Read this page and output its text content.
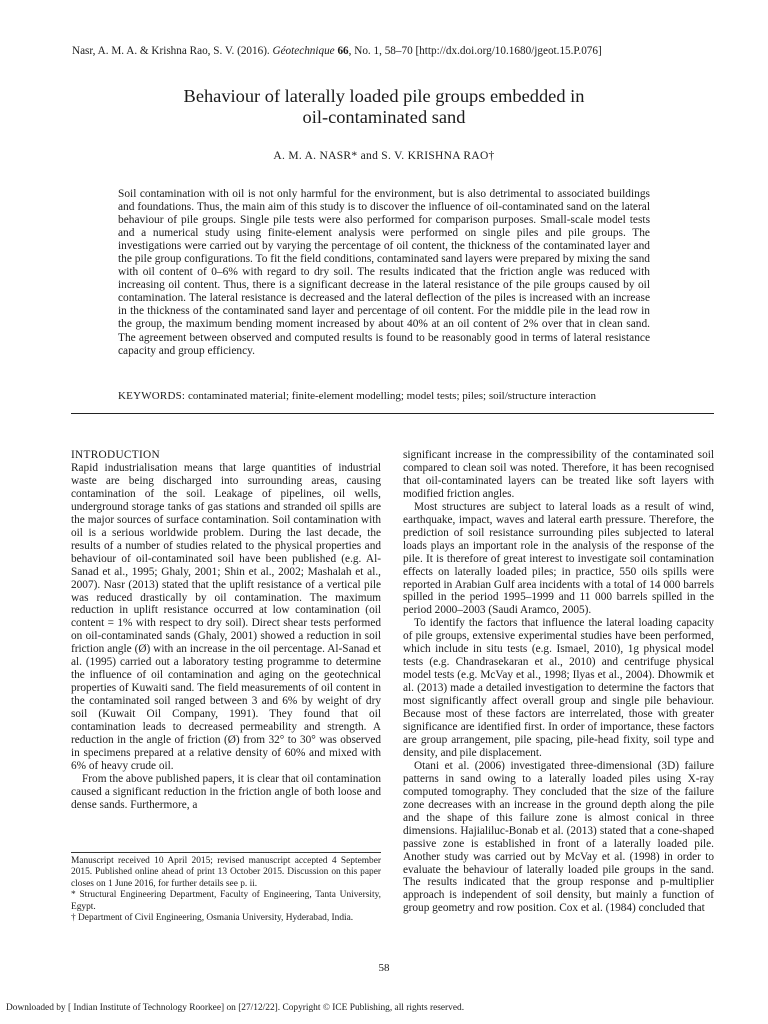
Nasr, A. M. A. & Krishna Rao, S. V. (2016). Géotechnique 66, No. 1, 58–70 [http://dx.doi.org/10.1680/jgeot.15.P.076]
Behaviour of laterally loaded pile groups embedded in
oil-contaminated sand
A. M. A. NASR* and S. V. KRISHNA RAO†
Soil contamination with oil is not only harmful for the environment, but is also detrimental to associated buildings and foundations. Thus, the main aim of this study is to discover the influence of oil-contaminated sand on the lateral behaviour of pile groups. Single pile tests were also performed for comparison purposes. Small-scale model tests and a numerical study using finite-element analysis were performed on single piles and pile groups. The investigations were carried out by varying the percentage of oil content, the thickness of the contaminated layer and the pile group configurations. To fit the field conditions, contaminated sand layers were prepared by mixing the sand with oil content of 0–6% with regard to dry soil. The results indicated that the friction angle was reduced with increasing oil content. Thus, there is a significant decrease in the lateral resistance of the pile groups caused by oil contamination. The lateral resistance is decreased and the lateral deflection of the piles is increased with an increase in the thickness of the contaminated sand layer and percentage of oil content. For the middle pile in the lead row in the group, the maximum bending moment increased by about 40% at an oil content of 2% over that in clean sand. The agreement between observed and computed results is found to be reasonably good in terms of lateral resistance capacity and group efficiency.
KEYWORDS: contaminated material; finite-element modelling; model tests; piles; soil/structure interaction
INTRODUCTION

Rapid industrialisation means that large quantities of industrial waste are being discharged into surrounding areas, causing contamination of the soil. Leakage of pipelines, oil wells, underground storage tanks of gas stations and stranded oil spills are the major sources of surface contamination. Soil contamination with oil is a serious worldwide problem. During the last decade, the results of a number of studies related to the physical properties and behaviour of oil-contaminated soil have been published (e.g. Al-Sanad et al., 1995; Ghaly, 2001; Shin et al., 2002; Mashalah et al., 2007). Nasr (2013) stated that the uplift resistance of a vertical pile was reduced drastically by oil contamination. The maximum reduction in uplift resistance occurred at low contamination (oil content = 1% with respect to dry soil). Direct shear tests performed on oil-contaminated sands (Ghaly, 2001) showed a reduction in soil friction angle (Ø) with an increase in the oil percentage. Al-Sanad et al. (1995) carried out a laboratory testing programme to determine the influence of oil contamination and aging on the geotechnical properties of Kuwaiti sand. The field measurements of oil content in the contaminated soil ranged between 3 and 6% by weight of dry soil (Kuwait Oil Company, 1991). They found that oil contamination leads to decreased permeability and strength. A reduction in the angle of friction (Ø) from 32° to 30° was observed in specimens prepared at a relative density of 60% and mixed with 6% of heavy crude oil.

From the above published papers, it is clear that oil contamination caused a significant reduction in the friction angle of both loose and dense sands. Furthermore, a

Manuscript received 10 April 2015; revised manuscript accepted 4 September 2015. Published online ahead of print 13 October 2015. Discussion on this paper closes on 1 June 2016, for further details see p. ii.

* Structural Engineering Department, Faculty of Engineering, Tanta University, Egypt.

† Department of Civil Engineering, Osmania University, Hyderabad, India.

significant increase in the compressibility of the contaminated soil compared to clean soil was noted. Therefore, it has been recognised that oil-contaminated layers can be treated like soft layers with modified friction angles.

Most structures are subject to lateral loads as a result of wind, earthquake, impact, waves and lateral earth pressure. Therefore, the prediction of soil resistance surrounding piles subjected to lateral loads plays an important role in the analysis of the response of the pile. It is therefore of great interest to investigate soil contamination effects on laterally loaded piles; in practice, 550 oils spills were reported in Arabian Gulf area incidents with a total of 14 000 barrels spilled in the period 1995–1999 and 11 000 barrels spilled in the period 2000–2003 (Saudi Aramco, 2005).

To identify the factors that influence the lateral loading capacity of pile groups, extensive experimental studies have been performed, which include in situ tests (e.g. Ismael, 2010), 1g physical model tests (e.g. Chandrasekaran et al., 2010) and centrifuge physical model tests (e.g. McVay et al., 1998; Ilyas et al., 2004). Dhowmik et al. (2013) made a detailed investigation to determine the factors that most significantly affect overall group and single pile behaviour. Because most of these factors are interrelated, those with greater significance are identified first. In order of importance, these factors are group arrangement, pile spacing, pile-head fixity, soil type and density, and pile displacement.

Otani et al. (2006) investigated three-dimensional (3D) failure patterns in sand owing to a laterally loaded piles using X-ray computed tomography. They concluded that the size of the failure zone decreases with an increase in the ground depth along the pile and the shape of this failure zone is almost conical in three dimensions. Hajialiluc-Bonab et al. (2013) stated that a cone-shaped passive zone is established in front of a laterally loaded pile. Another study was carried out by McVay et al. (1998) in order to evaluate the behaviour of laterally loaded pile groups in the sand. The results indicated that the group response and p-multiplier approach is independent of soil density, but mainly a function of group geometry and row position. Cox et al. (1984) concluded that

58
Downloaded by [ Indian Institute of Technology Roorkee] on [27/12/22]. Copyright © ICE Publishing, all rights reserved.
